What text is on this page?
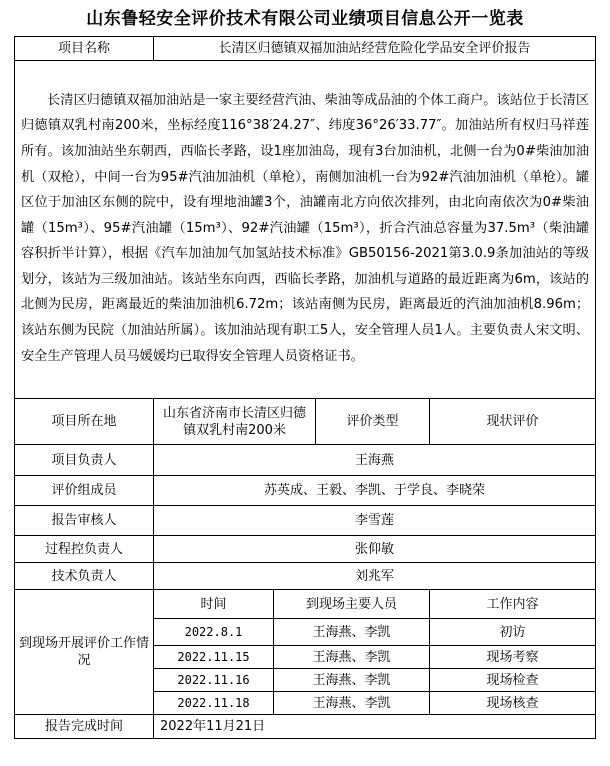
山东鲁轻安全评价技术有限公司业绩项目信息公开一览表
项目名称	长清区归德镇双福加油站经营危险化学品安全评价报告			
长清区归德镇双福加油站是一家主要经营汽油、柴油等成品油的个体工商户。该站位于长清区归德镇双乳村南200米，坐标经度116°38′24.27″、纬度36°26′33.77″。加油站所有权归马祥莲所有。该加油站坐东朝西，西临长孝路，设1座加油岛，现有3台加油机，北侧一台为0#柴油加油机（双枪），中间一台为95#汽油加油机（单枪），南侧加油机一台为92#汽油加油机（单枪）。罐区位于加油区东侧的院中，设有埋地油罐3个，油罐南北方向依次排列，由北向南依次为0#柴油罐（15m³）、95#汽油罐（15m³）、92#汽油罐（15m³），折合汽油总容量为37.5m³（柴油罐容积折半计算），根据《汽车加油加气加氢站技术标准》GB50156-2021第3.0.9条加油站的等级划分，该站为三级加油站。该站坐东向西，西临长孝路，加油机与道路的最近距离为6m，该站的北侧为民房，距离最近的柴油加油机6.72m；该站南侧为民房，距离最近的汽油加油机8.96m；该站东侧为民院（加油站所属）。该加油站现有职工5人，安全管理人员1人。主要负责人宋文明、安全生产管理人员马媛媛均已取得安全管理人员资格证书。				
项目所在地	山东省济南市长清区归德镇双乳村南200米		评价类型	现状评价
项目负责人	王海燕			
评价组成员	苏英成、王毅、李凯、于学良、李晓荣			
报告审核人	李雪莲			
过程控负责人	张仰敏			
技术负责人	刘兆军			
到现场开展评价工作情况	时间	到现场主要人员		工作内容
	2022.8.1	王海燕、李凯		初访
	2022.11.15	王海燕、李凯		现场考察
	2022.11.16	王海燕、李凯		现场检查
	2022.11.18	王海燕、李凯		现场核查
报告完成时间	2022年11月21日			
